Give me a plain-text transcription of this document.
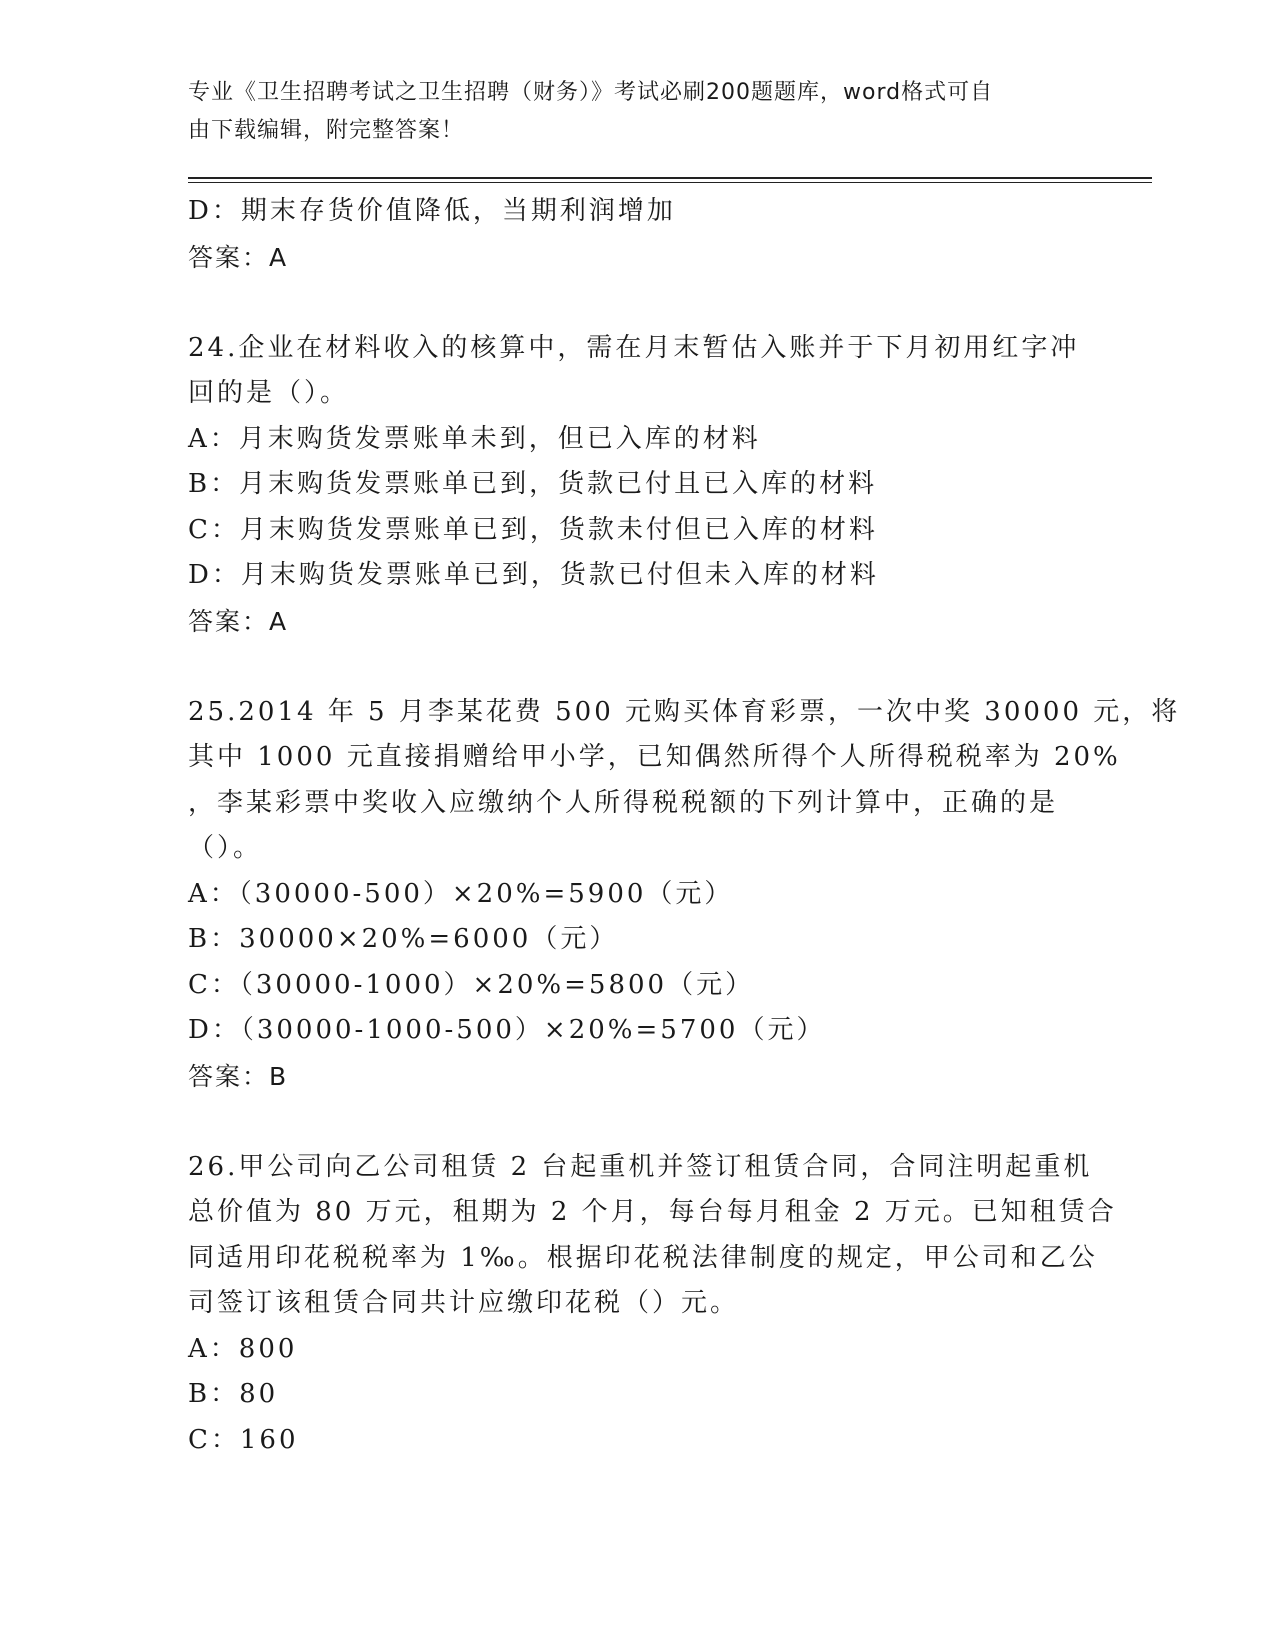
专业《卫生招聘考试之卫生招聘（财务）》考试必刷200题题库，word格式可自
由下载编辑，附完整答案！
D：期末存货价值降低，当期利润增加
答案：A
24.企业在材料收入的核算中，需在月末暂估入账并于下月初用红字冲
回的是（）。
A：月末购货发票账单未到，但已入库的材料
B：月末购货发票账单已到，货款已付且已入库的材料
C：月末购货发票账单已到，货款未付但已入库的材料
D：月末购货发票账单已到，货款已付但未入库的材料
答案：A
25.2014 年 5 月李某花费 500 元购买体育彩票，一次中奖 30000 元，将
其中 1000 元直接捐赠给甲小学，已知偶然所得个人所得税税率为 20%
，李某彩票中奖收入应缴纳个人所得税税额的下列计算中，正确的是
（）。
A：（30000-500）×20%=5900（元）
B：30000×20%=6000（元）
C：（30000-1000）×20%=5800（元）
D：（30000-1000-500）×20%=5700（元）
答案：B
26.甲公司向乙公司租赁 2 台起重机并签订租赁合同，合同注明起重机
总价值为 80 万元，租期为 2 个月，每台每月租金 2 万元。已知租赁合
同适用印花税税率为 1‰。根据印花税法律制度的规定，甲公司和乙公
司签订该租赁合同共计应缴印花税（）元。
A：800
B：80
C：160
